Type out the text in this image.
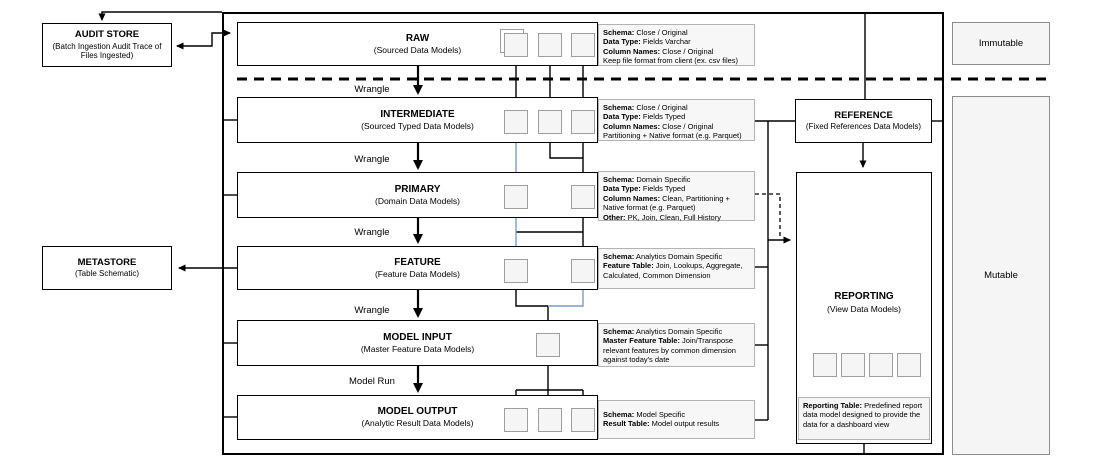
AUDIT STORE
(Batch Ingestion Audit Trace of Files Ingested)
METASTORE
(Table Schematic)
REFERENCE
(Fixed References Data Models)
REPORTING
(View Data Models)
Reporting Table: Predefined report data model designed to provide the data for a dashboard view
Immutable
Mutable
RAW
(Sourced Data Models)
INTERMEDIATE
(Sourced Typed Data Models)
PRIMARY
(Domain Data Models)
FEATURE
(Feature Data Models)
MODEL INPUT
(Master Feature Data Models)
MODEL OUTPUT
(Analytic Result Data Models)
Schema: Close / Original
Data Type: Fields Varchar
Column Names: Close / Original
Keep file format from client (ex. csv files)
Schema: Close / Original
Data Type: Fields Typed
Column Names: Close / Original
Partitioning + Native format (e.g. Parquet)
Schema: Domain Specific
Data Type: Fields Typed
Column Names: Clean, Partitioning + Native format (e.g. Parquet)
Other: PK, Join, Clean, Full History
Schema: Analytics Domain Specific
Feature Table: Join, Lookups, Aggregate, Calculated, Common Dimension
Schema: Analytics Domain Specific
Master Feature Table: Join/Transpose relevant features by common dimension against today's date
Schema: Model Specific
Result Table: Model output results
Wrangle
Wrangle
Wrangle
Wrangle
Model Run
